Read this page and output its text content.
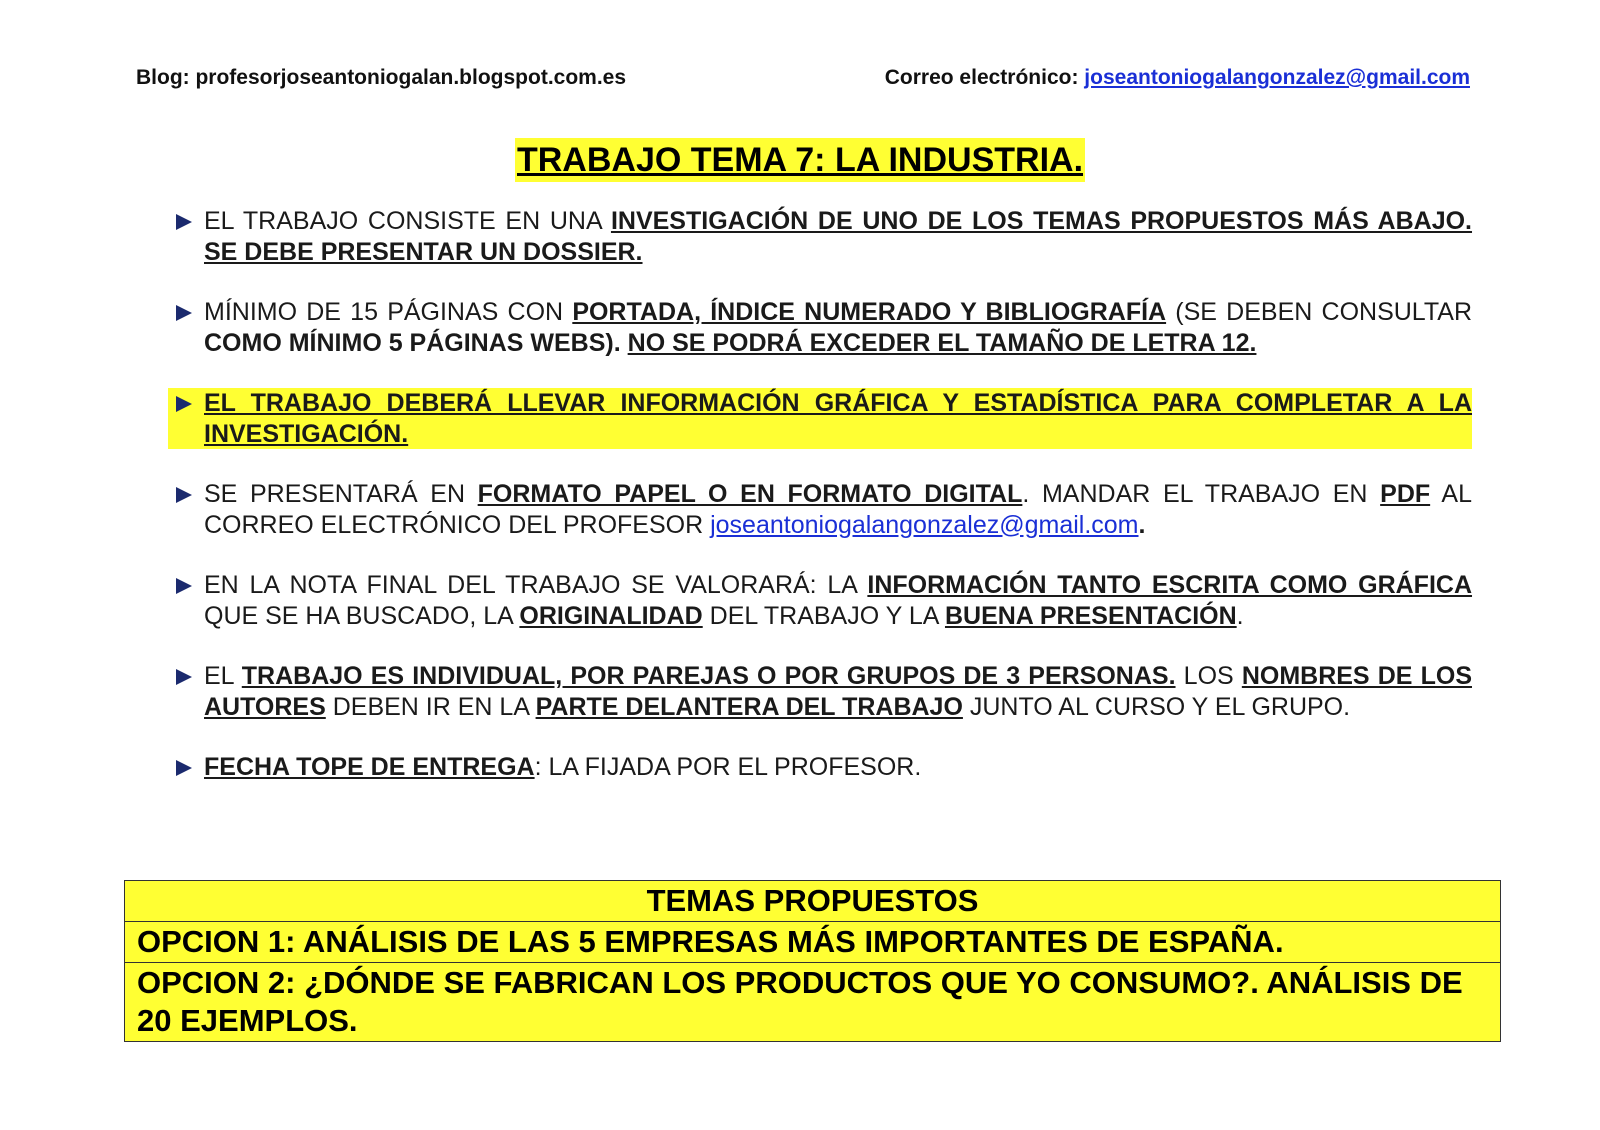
Blog: profesorjoseantoniogalan.blogspot.com.es	Correo electrónico: joseantoniogalangonzalez@gmail.com
TRABAJO TEMA 7: LA INDUSTRIA.
EL TRABAJO CONSISTE EN UNA INVESTIGACIÓN DE UNO DE LOS TEMAS PROPUESTOS MÁS ABAJO. SE DEBE PRESENTAR UN DOSSIER.
MÍNIMO DE 15 PÁGINAS CON PORTADA, ÍNDICE NUMERADO Y BIBLIOGRAFÍA (SE DEBEN CONSULTAR COMO MÍNIMO 5 PÁGINAS WEBS). NO SE PODRÁ EXCEDER EL TAMAÑO DE LETRA 12.
EL TRABAJO DEBERÁ LLEVAR INFORMACIÓN GRÁFICA Y ESTADÍSTICA PARA COMPLETAR A LA INVESTIGACIÓN.
SE PRESENTARÁ EN FORMATO PAPEL O EN FORMATO DIGITAL. MANDAR EL TRABAJO EN PDF AL CORREO ELECTRÓNICO DEL PROFESOR joseantoniogalangonzalez@gmail.com.
EN LA NOTA FINAL DEL TRABAJO SE VALORARÁ: LA INFORMACIÓN TANTO ESCRITA COMO GRÁFICA QUE SE HA BUSCADO, LA ORIGINALIDAD DEL TRABAJO Y LA BUENA PRESENTACIÓN.
EL TRABAJO ES INDIVIDUAL, POR PAREJAS O POR GRUPOS DE 3 PERSONAS. LOS NOMBRES DE LOS AUTORES DEBEN IR EN LA PARTE DELANTERA DEL TRABAJO JUNTO AL CURSO Y EL GRUPO.
FECHA TOPE DE ENTREGA: LA FIJADA POR EL PROFESOR.
TEMAS PROPUESTOS
OPCION 1: ANÁLISIS DE LAS 5 EMPRESAS MÁS IMPORTANTES DE ESPAÑA.
OPCION 2: ¿DÓNDE SE FABRICAN LOS PRODUCTOS QUE YO CONSUMO?. ANÁLISIS DE 20 EJEMPLOS.
